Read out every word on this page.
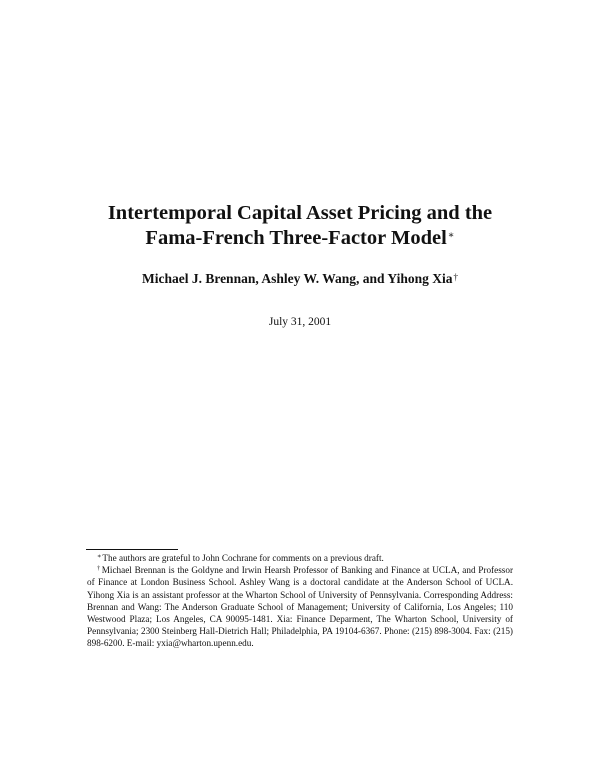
Intertemporal Capital Asset Pricing and the
Fama-French Three-Factor Model∗
Michael J. Brennan, Ashley W. Wang, and Yihong Xia†
July 31, 2001

∗The authors are grateful to John Cochrane for comments on a previous draft.

†Michael Brennan is the Goldyne and Irwin Hearsh Professor of Banking and Finance at UCLA, and Professor of Finance at London Business School. Ashley Wang is a doctoral candidate at the Anderson School of UCLA. Yihong Xia is an assistant professor at the Wharton School of University of Pennsylvania. Corresponding Address: Brennan and Wang: The Anderson Graduate School of Management; University of California, Los Angeles; 110 Westwood Plaza; Los Angeles, CA 90095-1481. Xia: Finance Deparment, The Wharton School, University of Pennsylvania; 2300 Steinberg Hall-Dietrich Hall; Philadelphia, PA 19104-6367. Phone: (215) 898-3004. Fax: (215) 898-6200. E-mail: yxia@wharton.upenn.edu.
